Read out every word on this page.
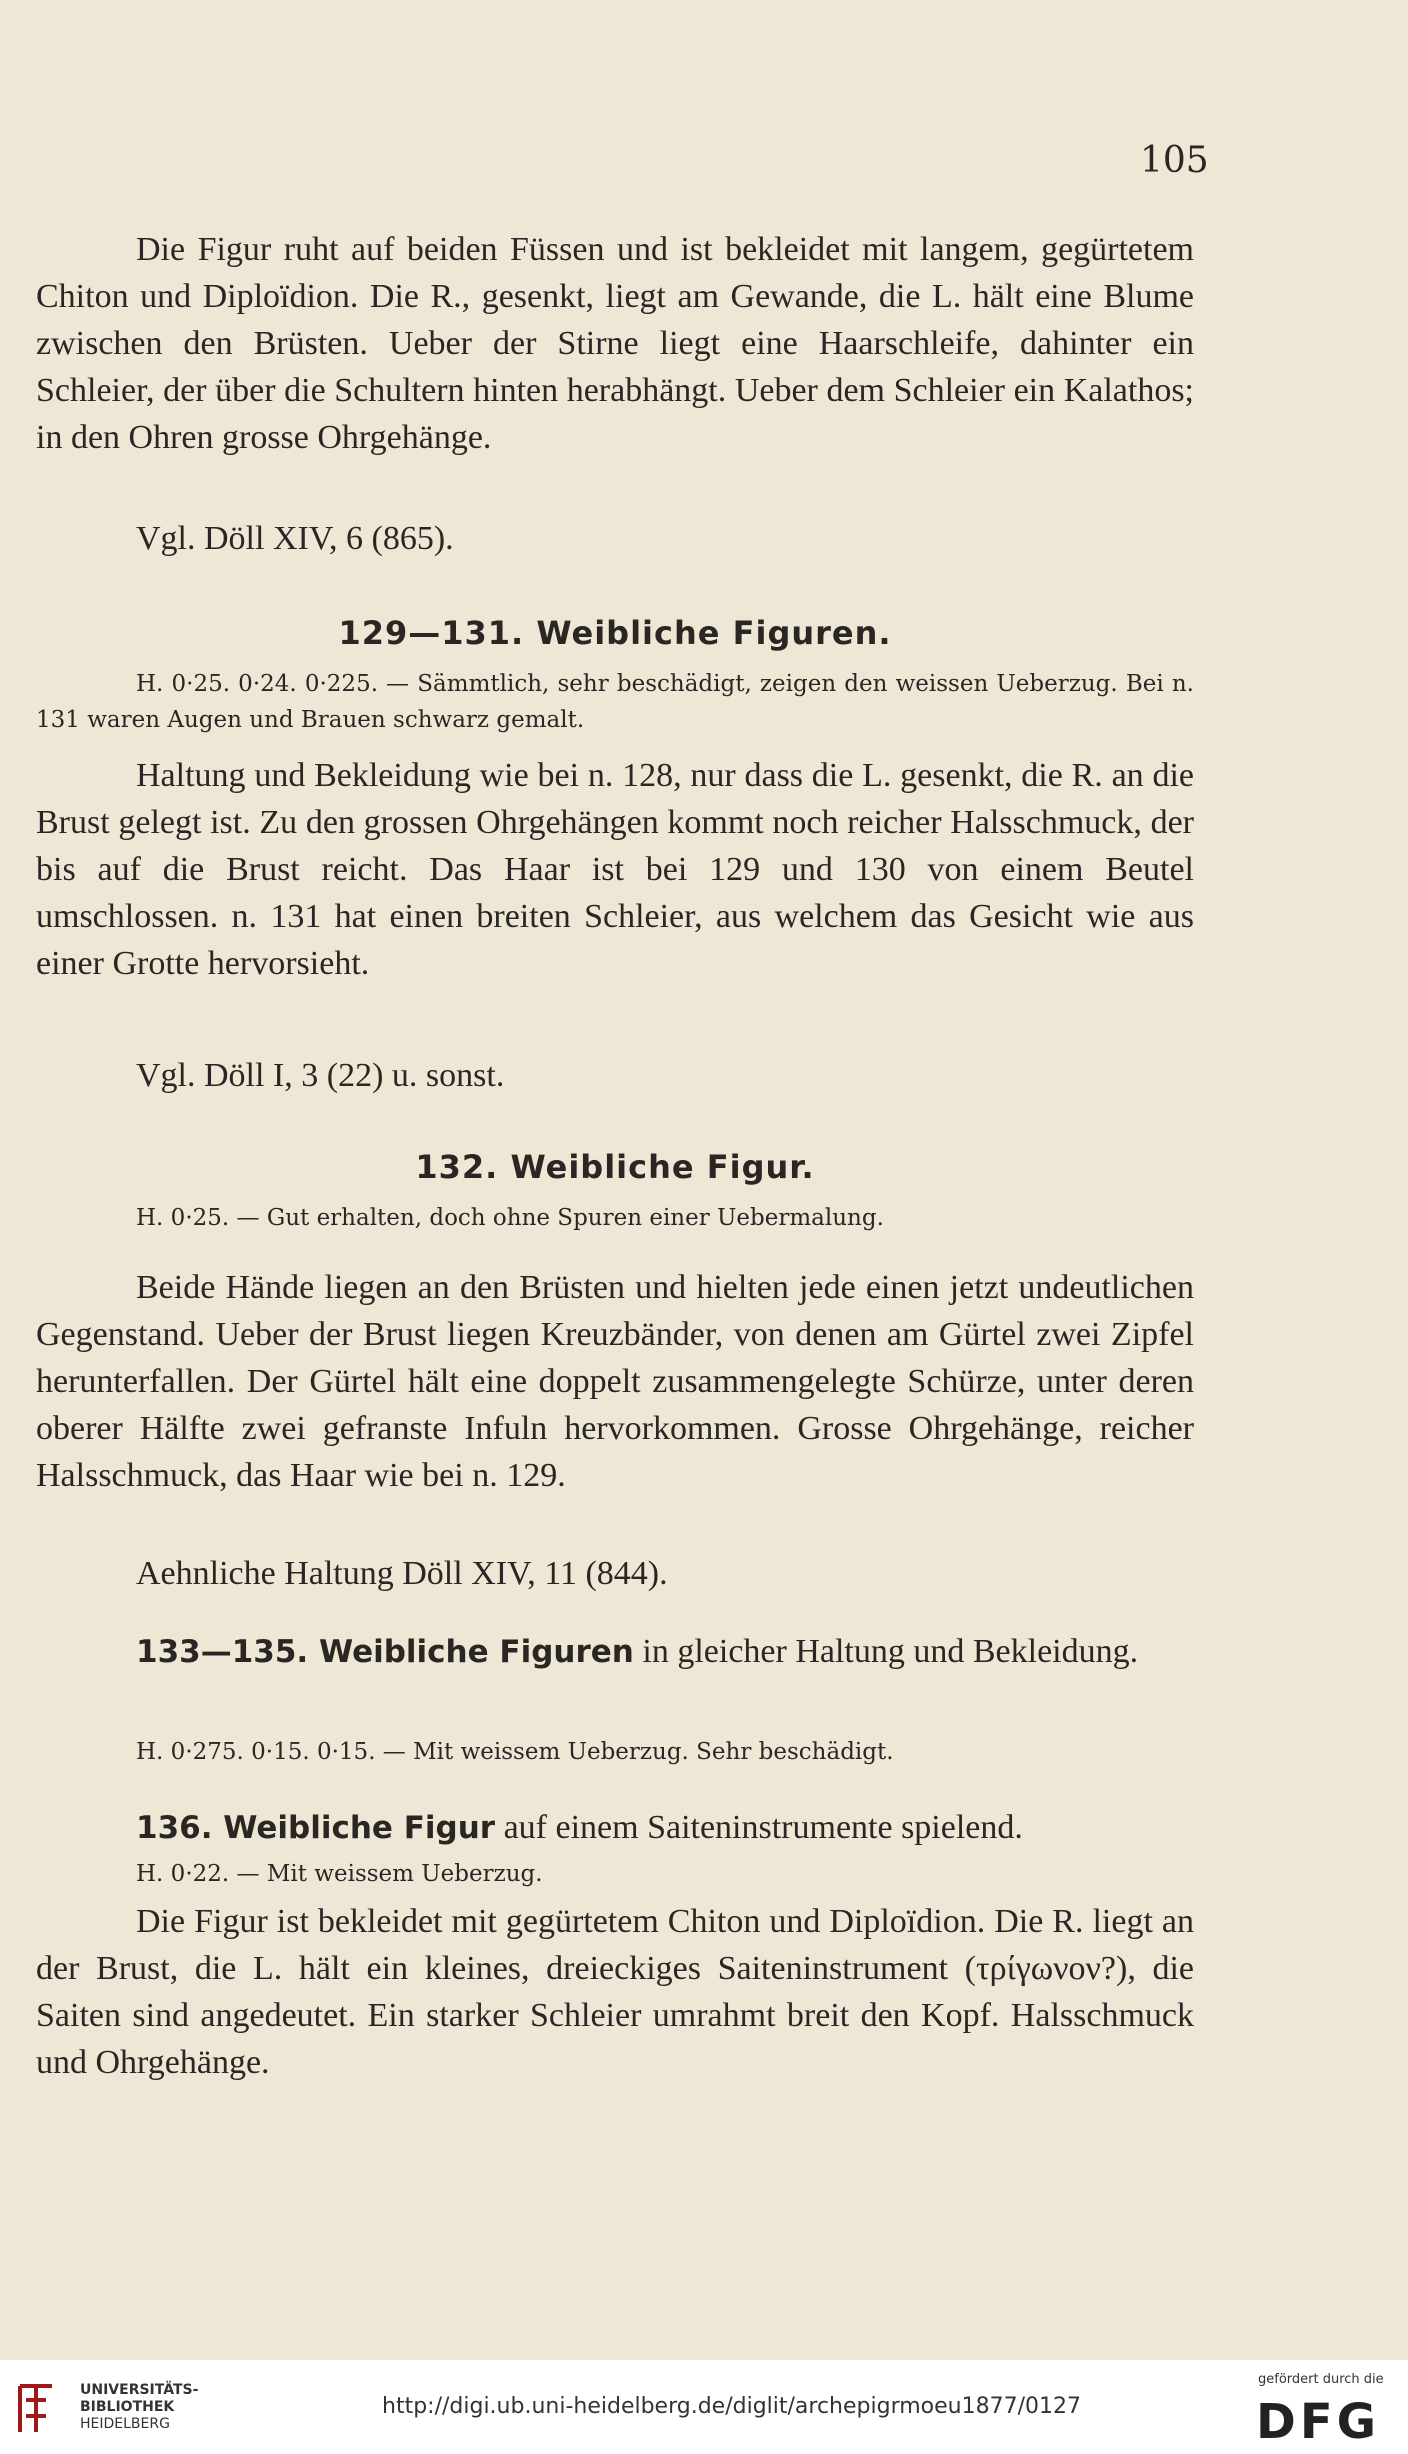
105

Die Figur ruht auf beiden Füssen und ist bekleidet mit langem, gegürtetem Chiton und Diploïdion. Die R., gesenkt, liegt am Gewande, die L. hält eine Blume zwischen den Brüsten. Ueber der Stirne liegt eine Haarschleife, dahinter ein Schleier, der über die Schultern hinten herabhängt. Ueber dem Schleier ein Kalathos; in den Ohren grosse Ohrgehänge.

Vgl. Döll XIV, 6 (865).

129—131. Weibliche Figuren.

H. 0·25. 0·24. 0·225. — Sämmtlich, sehr beschädigt, zeigen den weissen Ueberzug. Bei n. 131 waren Augen und Brauen schwarz gemalt.

Haltung und Bekleidung wie bei n. 128, nur dass die L. gesenkt, die R. an die Brust gelegt ist. Zu den grossen Ohrgehängen kommt noch reicher Halsschmuck, der bis auf die Brust reicht. Das Haar ist bei 129 und 130 von einem Beutel umschlossen. n. 131 hat einen breiten Schleier, aus welchem das Gesicht wie aus einer Grotte hervorsieht.

Vgl. Döll I, 3 (22) u. sonst.

132. Weibliche Figur.

H. 0·25. — Gut erhalten, doch ohne Spuren einer Uebermalung.

Beide Hände liegen an den Brüsten und hielten jede einen jetzt undeutlichen Gegenstand. Ueber der Brust liegen Kreuzbänder, von denen am Gürtel zwei Zipfel herunterfallen. Der Gürtel hält eine doppelt zusammengelegte Schürze, unter deren oberer Hälfte zwei gefranste Infuln hervorkommen. Grosse Ohrgehänge, reicher Halsschmuck, das Haar wie bei n. 129.

Aehnliche Haltung Döll XIV, 11 (844).

133—135. Weibliche Figuren in gleicher Haltung und Bekleidung.

H. 0·275. 0·15. 0·15. — Mit weissem Ueberzug. Sehr beschädigt.

136. Weibliche Figur auf einem Saiteninstrumente spielend.

H. 0·22. — Mit weissem Ueberzug.

Die Figur ist bekleidet mit gegürtetem Chiton und Diploïdion. Die R. liegt an der Brust, die L. hält ein kleines, dreieckiges Saiteninstrument (τρίγωνον?), die Saiten sind angedeutet. Ein starker Schleier umrahmt breit den Kopf. Halsschmuck und Ohrgehänge.

UNIVERSITÄTS-
BIBLIOTHEK
HEIDELBERG
http://digi.ub.uni-heidelberg.de/diglit/archepigrmoeu1877/0127
gefördert durch die
DFG
